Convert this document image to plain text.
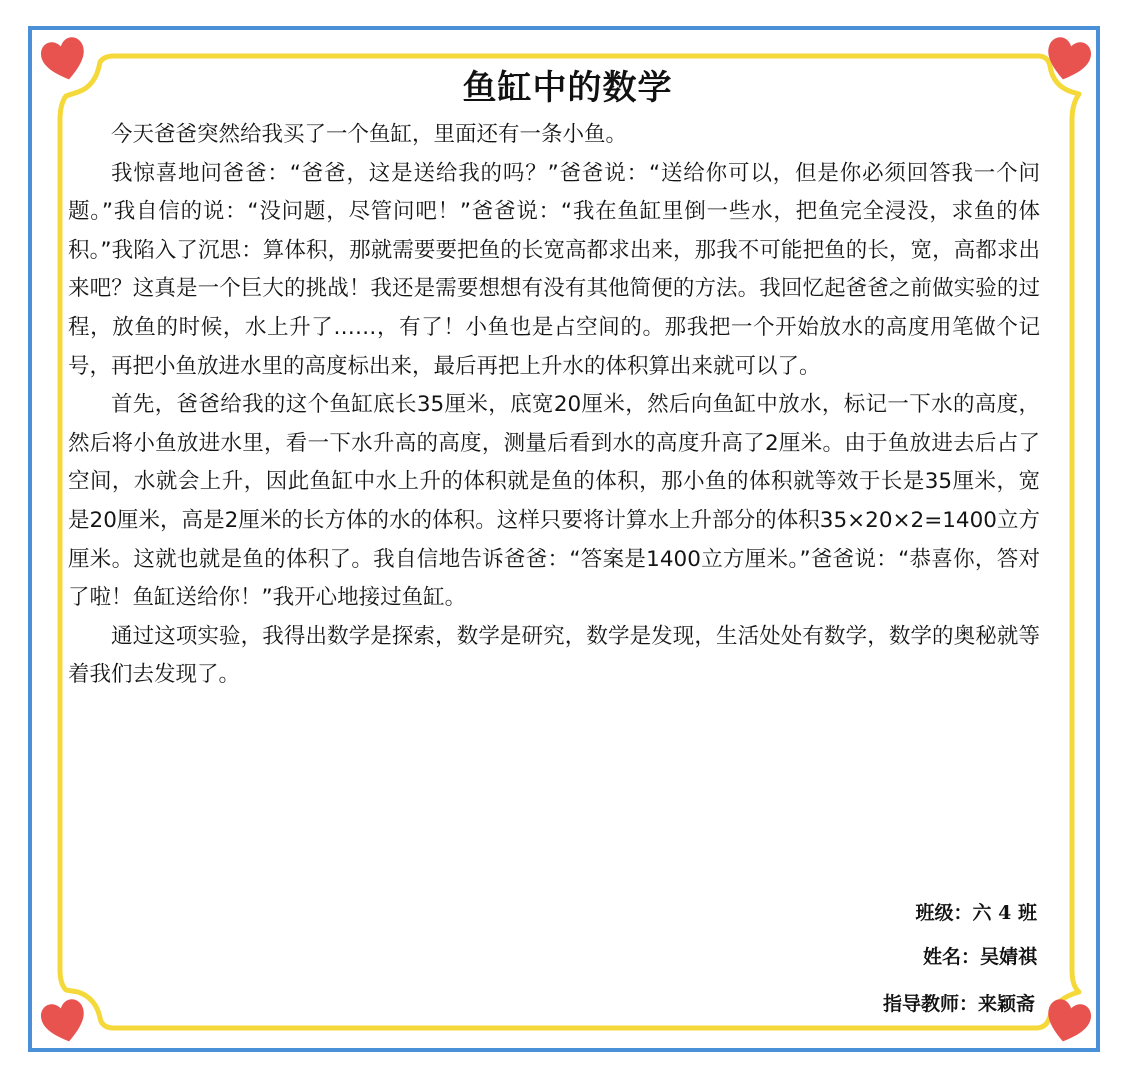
鱼缸中的数学

今天爸爸突然给我买了一个鱼缸，里面还有一条小鱼。

我惊喜地问爸爸：“爸爸，这是送给我的吗？”爸爸说：“送给你可以，但是你必须回答我一个问题。”我自信的说：“没问题，尽管问吧！”爸爸说：“我在鱼缸里倒一些水，把鱼完全浸没，求鱼的体积。”我陷入了沉思：算体积，那就需要要把鱼的长宽高都求出来，那我不可能把鱼的长，宽，高都求出来吧？这真是一个巨大的挑战！我还是需要想想有没有其他简便的方法。我回忆起爸爸之前做实验的过程，放鱼的时候，水上升了……，有了！小鱼也是占空间的。那我把一个开始放水的高度用笔做个记号，再把小鱼放进水里的高度标出来，最后再把上升水的体积算出来就可以了。

首先，爸爸给我的这个鱼缸底长35厘米，底宽20厘米，然后向鱼缸中放水，标记一下水的高度，然后将小鱼放进水里，看一下水升高的高度，测量后看到水的高度升高了2厘米。由于鱼放进去后占了空间，水就会上升，因此鱼缸中水上升的体积就是鱼的体积，那小鱼的体积就等效于长是35厘米，宽是20厘米，高是2厘米的长方体的水的体积。这样只要将计算水上升部分的体积35×20×2=1400立方厘米。这就也就是鱼的体积了。我自信地告诉爸爸：“答案是1400立方厘米。”爸爸说：“恭喜你，答对了啦！鱼缸送给你！”我开心地接过鱼缸。

通过这项实验，我得出数学是探索，数学是研究，数学是发现，生活处处有数学，数学的奥秘就等着我们去发现了。

班级：六 4 班
姓名：吴婧祺
指导教师：来颖斋
